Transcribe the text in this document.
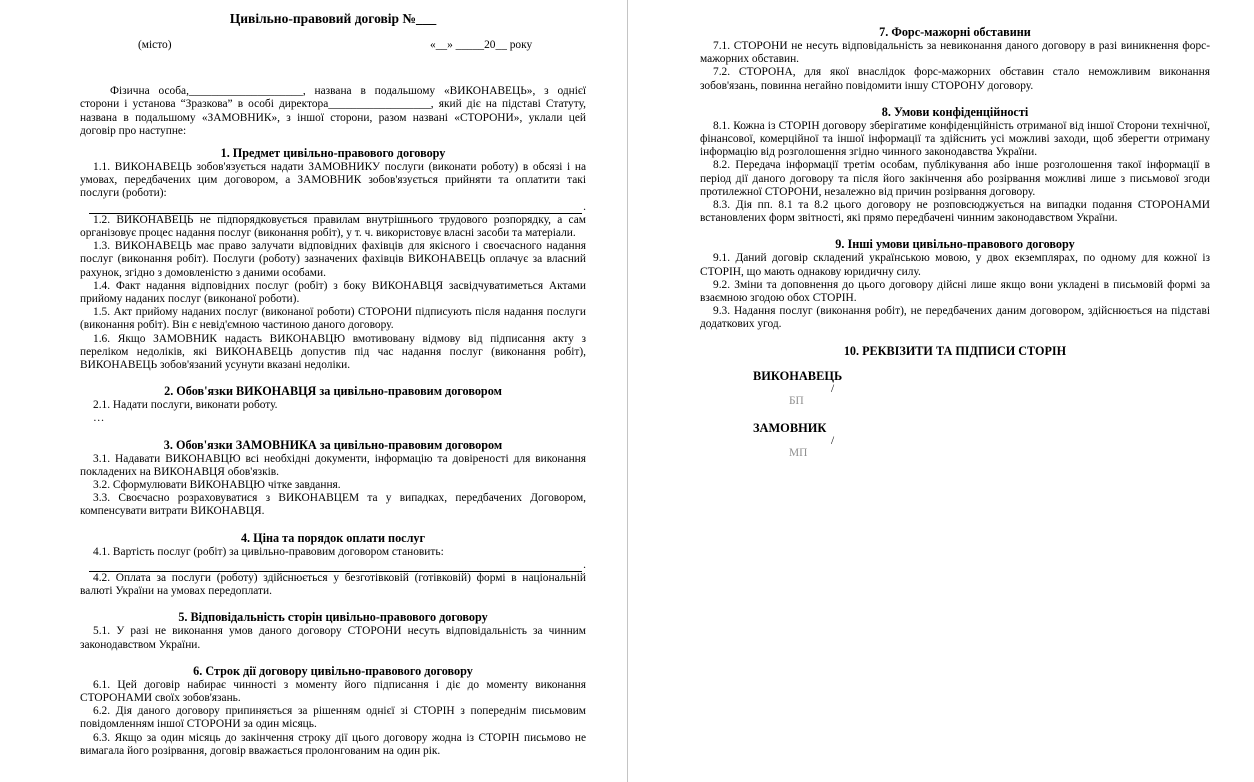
Цивільно-правовий договір №___
(місто)	«__» _____20__ року

Фізична особа,____________________, названа в подальшому «ВИКОНАВЕЦЬ», з однієї сторони і установа “Зразкова” в особі директора__________________, який діє на підставі Статуту, названа в подальшому «ЗАМОВНИК», з іншої сторони, разом названі «СТОРОНИ», уклали цей договір про наступне:

1. Предмет цивільно-правового договору

1.1. ВИКОНАВЕЦЬ зобов'язується надати ЗАМОВНИКУ послуги (виконати роботу) в обсязі і на умовах, передбачених цим договором, а ЗАМОВНИК зобов'язується прийняти та оплатити такі послуги (роботи):

.

1.2. ВИКОНАВЕЦЬ не підпорядковується правилам внутрішнього трудового розпорядку, а сам організовує процес надання послуг (виконання робіт), у т. ч. використовує власні засоби та матеріали.

1.3. ВИКОНАВЕЦЬ має право залучати відповідних фахівців для якісного і своєчасного надання послуг (виконання робіт). Послуги (роботу) зазначених фахівців ВИКОНАВЕЦЬ оплачує за власний рахунок, згідно з домовленістю з даними особами.

1.4. Факт надання відповідних послуг (робіт) з боку ВИКОНАВЦЯ засвідчуватиметься Актами прийому наданих послуг (виконаної роботи).

1.5. Акт прийому наданих послуг (виконаної роботи) СТОРОНИ підписують після надання послуги (виконання робіт). Він є невід'ємною частиною даного договору.

1.6. Якщо ЗАМОВНИК надасть ВИКОНАВЦЮ вмотивовану відмову від підписання акту з переліком недоліків, які ВИКОНАВЕЦЬ допустив під час надання послуг (виконання робіт), ВИКОНАВЕЦЬ зобов'язаний усунути вказані недоліки.

2. Обов'язки ВИКОНАВЦЯ за цивільно-правовим договором

2.1. Надати послуги, виконати роботу.

…

3. Обов'язки ЗАМОВНИКА за цивільно-правовим договором

3.1. Надавати ВИКОНАВЦЮ всі необхідні документи, інформацію та довіреності для виконання покладених на ВИКОНАВЦЯ обов'язків.

3.2. Сформулювати ВИКОНАВЦЮ чітке завдання.

3.3. Своєчасно розраховуватися з ВИКОНАВЦЕМ та у випадках, передбачених Договором, компенсувати витрати ВИКОНАВЦЯ.

4. Ціна та порядок оплати послуг

4.1. Вартість послуг (робіт) за цивільно-правовим договором становить:

.

4.2. Оплата за послуги (роботу) здійснюється у безготівковій (готівковій) формі в національній валюті України на умовах передоплати.

5. Відповідальність сторін цивільно-правового договору

5.1. У разі не виконання умов даного договору СТОРОНИ несуть відповідальність за чинним законодавством України.

6. Строк дії договору цивільно-правового договору

6.1. Цей договір набирає чинності з моменту його підписання і діє до моменту виконання СТОРОНАМИ своїх зобов'язань.

6.2. Дія даного договору припиняється за рішенням однієї зі СТОРІН з попереднім письмовим повідомленням іншої СТОРОНИ за один місяць.

6.3. Якщо за один місяць до закінчення строку дії цього договору жодна із СТОРІН письмово не вимагала його розірвання, договір вважається пролонгованим на один рік.

7. Форс-мажорні обставини

7.1. СТОРОНИ не несуть відповідальність за невиконання даного договору в разі виникнення форс-мажорних обставин.

7.2. СТОРОНА, для якої внаслідок форс-мажорних обставин стало неможливим виконання зобов'язань, повинна негайно повідомити іншу СТОРОНУ договору.

8. Умови конфіденційності

8.1. Кожна із СТОРІН договору зберігатиме конфіденційність отриманої від іншої Сторони технічної, фінансової, комерційної та іншої інформації та здійснить усі можливі заходи, щоб зберегти отриману інформацію від розголошення згідно чинного законодавства України.

8.2. Передача інформації третім особам, публікування або інше розголошення такої інформації в період дії даного договору та після його закінчення або розірвання можливі лише з письмової згоди протилежної СТОРОНИ, незалежно від причин розірвання договору.

8.3. Дія пп. 8.1 та 8.2 цього договору не розповсюджується на випадки подання СТОРОНАМИ встановлених форм звітності, які прямо передбачені чинним законодавством України.

9. Інші умови цивільно-правового договору

9.1. Даний договір складений українською мовою, у двох екземплярах, по одному для кожної із СТОРІН, що мають однакову юридичну силу.

9.2. Зміни та доповнення до цього договору дійсні лише якщо вони укладені в письмовій формі за взаємною згодою обох СТОРІН.

9.3. Надання послуг (виконання робіт), не передбачених даним договором, здійснюється на підставі додаткових угод.

10. РЕКВІЗИТИ ТА ПІДПИСИ СТОРІН
ВИКОНАВЕЦЬ
/
БП
ЗАМОВНИК
/
МП
